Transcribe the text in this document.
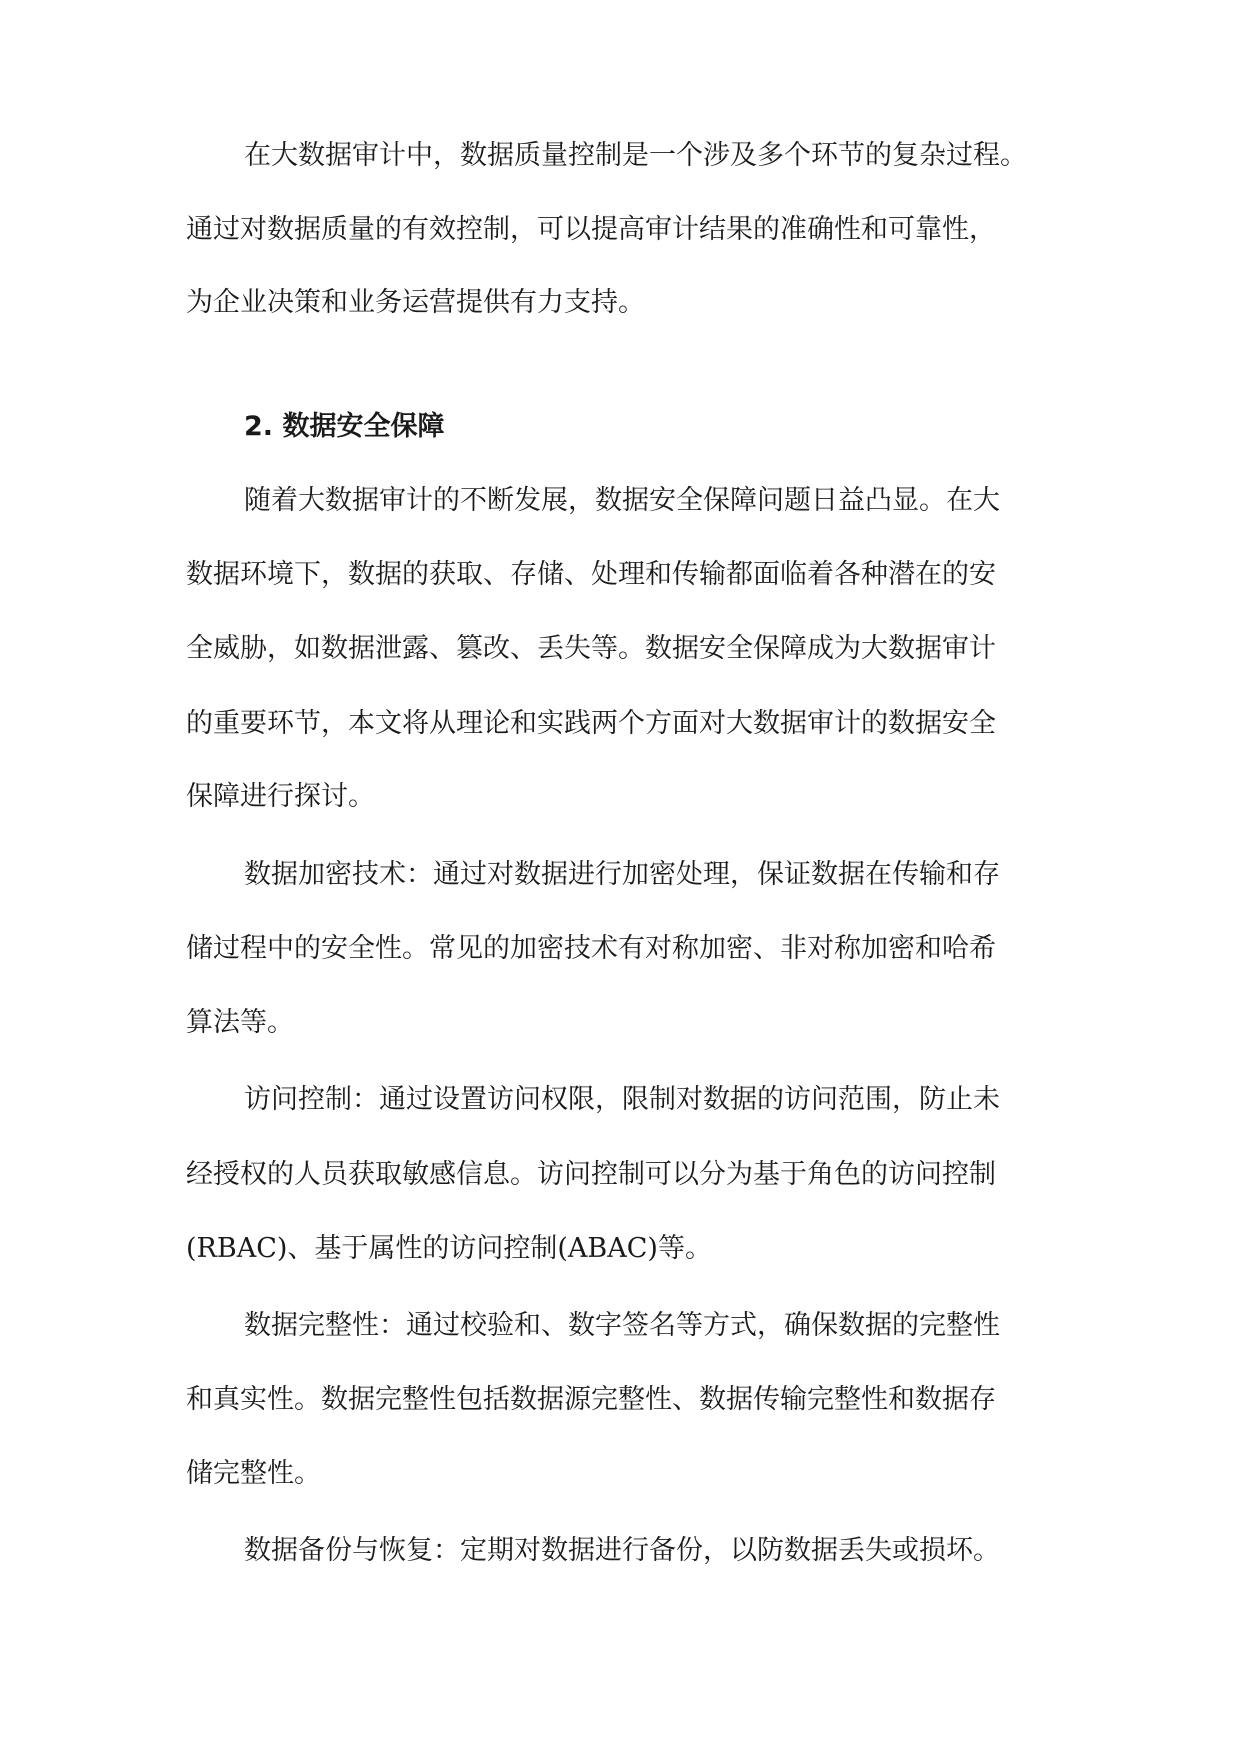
在大数据审计中，数据质量控制是一个涉及多个环节的复杂过程。
通过对数据质量的有效控制，可以提高审计结果的准确性和可靠性，
为企业决策和业务运营提供有力支持。
2. 数据安全保障
随着大数据审计的不断发展，数据安全保障问题日益凸显。在大
数据环境下，数据的获取、存储、处理和传输都面临着各种潜在的安
全威胁，如数据泄露、篡改、丢失等。数据安全保障成为大数据审计
的重要环节，本文将从理论和实践两个方面对大数据审计的数据安全
保障进行探讨。
数据加密技术：通过对数据进行加密处理，保证数据在传输和存
储过程中的安全性。常见的加密技术有对称加密、非对称加密和哈希
算法等。
访问控制：通过设置访问权限，限制对数据的访问范围，防止未
经授权的人员获取敏感信息。访问控制可以分为基于角色的访问控制
(RBAC)、基于属性的访问控制(ABAC)等。
数据完整性：通过校验和、数字签名等方式，确保数据的完整性
和真实性。数据完整性包括数据源完整性、数据传输完整性和数据存
储完整性。
数据备份与恢复：定期对数据进行备份，以防数据丢失或损坏。
